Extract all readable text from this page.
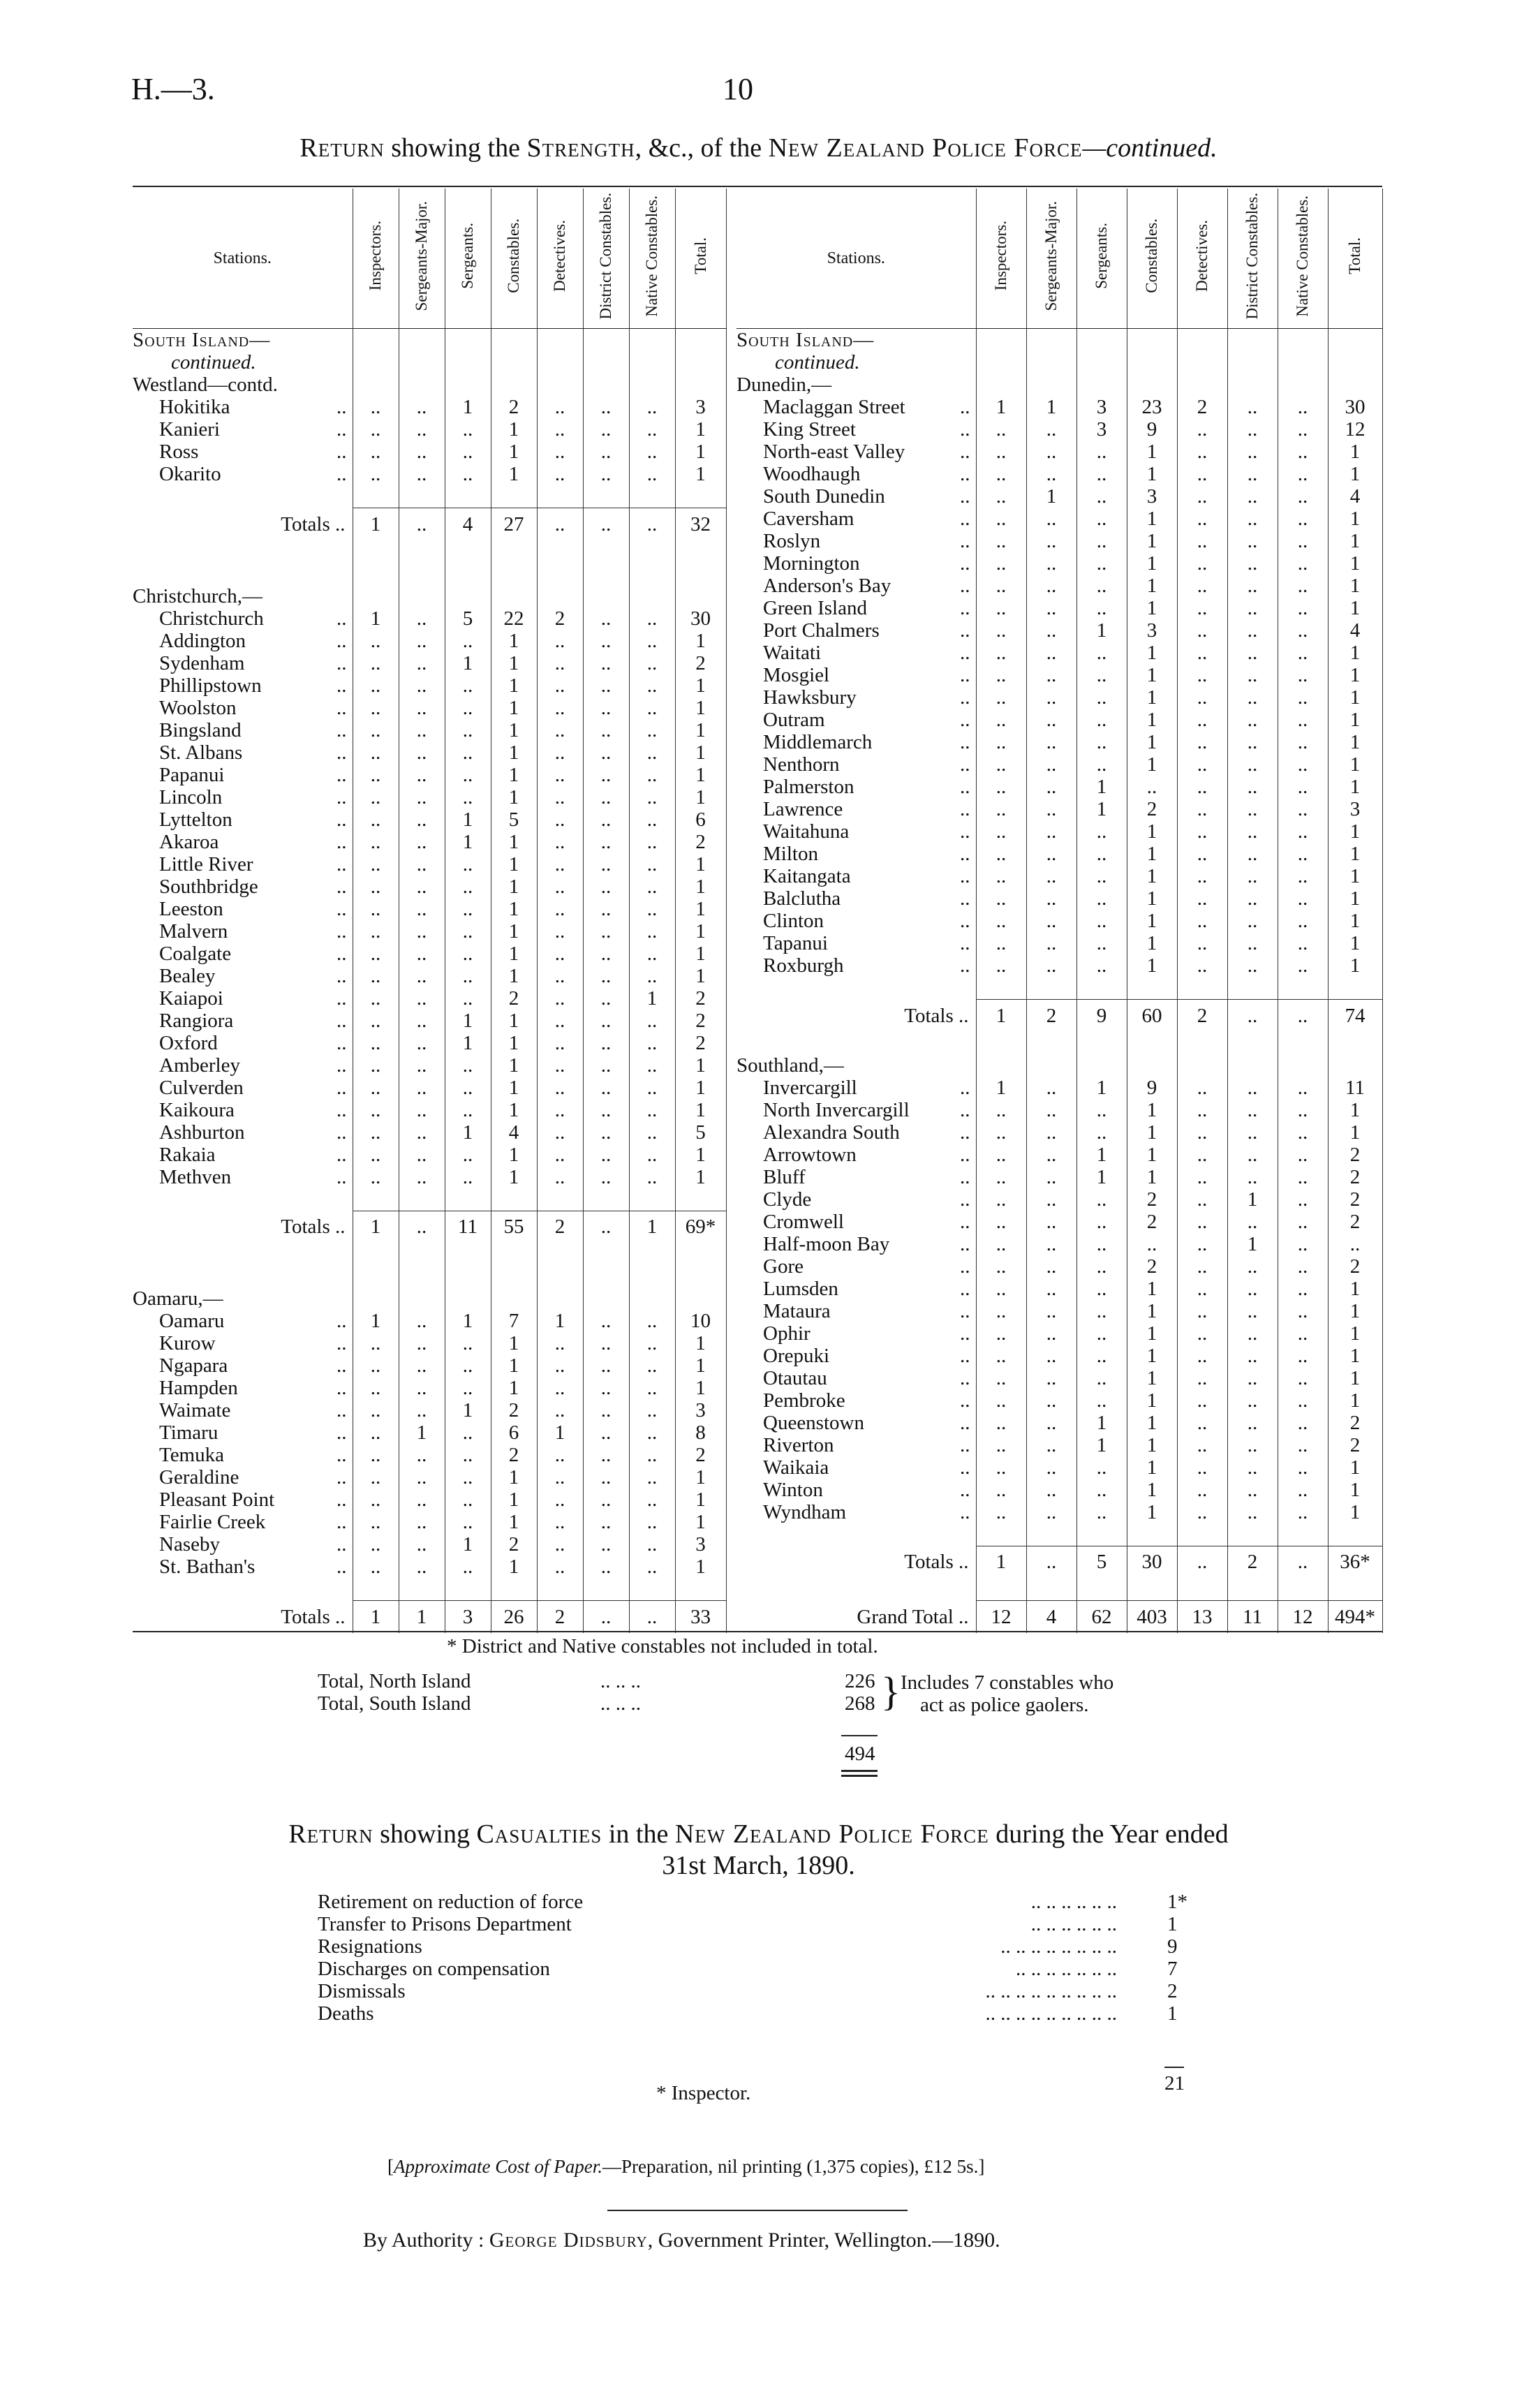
H.—3.	10
Return showing the Strength, &c., of the New Zealand Police Force—continued.
Stations.	Inspectors.	Sergeants-Major.	Sergeants.	Constables.	Detectives.	District Constables.	Native Constables.	Total.
South Island—								
continued.								
Westland—contd.								
Hokitika ..	..	..	1	2	..	..	..	3
Kanieri ..	..	..	..	1	..	..	..	1
Ross ..	..	..	..	1	..	..	..	1
Okarito ..	..	..	..	1	..	..	..	1

Totals ..	1	..	4	27	..	..	..	32

Christchurch,—								
Christchurch ..	1	..	5	22	2	..	..	30
Addington ..	..	..	..	1	..	..	..	1
Sydenham ..	..	..	1	1	..	..	..	2
Phillipstown ..	..	..	..	1	..	..	..	1
Woolston ..	..	..	..	1	..	..	..	1
Bingsland ..	..	..	..	1	..	..	..	1
St. Albans ..	..	..	..	1	..	..	..	1
Papanui ..	..	..	..	1	..	..	..	1
Lincoln ..	..	..	..	1	..	..	..	1
Lyttelton ..	..	..	1	5	..	..	..	6
Akaroa ..	..	..	1	1	..	..	..	2
Little River ..	..	..	..	1	..	..	..	1
Southbridge ..	..	..	..	1	..	..	..	1
Leeston ..	..	..	..	1	..	..	..	1
Malvern ..	..	..	..	1	..	..	..	1
Coalgate ..	..	..	..	1	..	..	..	1
Bealey ..	..	..	..	1	..	..	..	1
Kaiapoi ..	..	..	..	2	..	..	1	2
Rangiora ..	..	..	1	1	..	..	..	2
Oxford ..	..	..	1	1	..	..	..	2
Amberley ..	..	..	..	1	..	..	..	1
Culverden ..	..	..	..	1	..	..	..	1
Kaikoura ..	..	..	..	1	..	..	..	1
Ashburton ..	..	..	1	4	..	..	..	5
Rakaia ..	..	..	..	1	..	..	..	1
Methven ..	..	..	..	1	..	..	..	1

Totals ..	1	..	11	55	2	..	1	69*

Oamaru,—								
Oamaru ..	1	..	1	7	1	..	..	10
Kurow ..	..	..	..	1	..	..	..	1
Ngapara ..	..	..	..	1	..	..	..	1
Hampden ..	..	..	..	1	..	..	..	1
Waimate ..	..	..	1	2	..	..	..	3
Timaru ..	..	1	..	6	1	..	..	8
Temuka ..	..	..	..	2	..	..	..	2
Geraldine ..	..	..	..	1	..	..	..	1
Pleasant Point ..	..	..	..	1	..	..	..	1
Fairlie Creek ..	..	..	..	1	..	..	..	1
Naseby ..	..	..	1	2	..	..	..	3
St. Bathan's ..	..	..	..	1	..	..	..	1

Totals ..	1	1	3	26	2	..	..	33
Stations.	Inspectors.	Sergeants-Major.	Sergeants.	Constables.	Detectives.	District Constables.	Native Constables.	Total.
South Island—								
continued.								
Dunedin,—								
Maclaggan Street ..	1	1	3	23	2	..	..	30
King Street ..	..	..	3	9	..	..	..	12
North-east Valley ..	..	..	..	1	..	..	..	1
Woodhaugh ..	..	..	..	1	..	..	..	1
South Dunedin ..	..	1	..	3	..	..	..	4
Caversham ..	..	..	..	1	..	..	..	1
Roslyn ..	..	..	..	1	..	..	..	1
Mornington ..	..	..	..	1	..	..	..	1
Anderson's Bay ..	..	..	..	1	..	..	..	1
Green Island ..	..	..	..	1	..	..	..	1
Port Chalmers ..	..	..	1	3	..	..	..	4
Waitati ..	..	..	..	1	..	..	..	1
Mosgiel ..	..	..	..	1	..	..	..	1
Hawksbury ..	..	..	..	1	..	..	..	1
Outram ..	..	..	..	1	..	..	..	1
Middlemarch ..	..	..	..	1	..	..	..	1
Nenthorn ..	..	..	..	1	..	..	..	1
Palmerston ..	..	..	1	..	..	..	..	1
Lawrence ..	..	..	1	2	..	..	..	3
Waitahuna ..	..	..	..	1	..	..	..	1
Milton ..	..	..	..	1	..	..	..	1
Kaitangata ..	..	..	..	1	..	..	..	1
Balclutha ..	..	..	..	1	..	..	..	1
Clinton ..	..	..	..	1	..	..	..	1
Tapanui ..	..	..	..	1	..	..	..	1
Roxburgh ..	..	..	..	1	..	..	..	1

Totals ..	1	2	9	60	2	..	..	74

Southland,—								
Invercargill ..	1	..	1	9	..	..	..	11
North Invercargill ..	..	..	..	1	..	..	..	1
Alexandra South ..	..	..	..	1	..	..	..	1
Arrowtown ..	..	..	1	1	..	..	..	2
Bluff ..	..	..	1	1	..	..	..	2
Clyde ..	..	..	..	2	..	1	..	2
Cromwell ..	..	..	..	2	..	..	..	2
Half-moon Bay ..	..	..	..	..	..	1	..	..
Gore ..	..	..	..	2	..	..	..	2
Lumsden ..	..	..	..	1	..	..	..	1
Mataura ..	..	..	..	1	..	..	..	1
Ophir ..	..	..	..	1	..	..	..	1
Orepuki ..	..	..	..	1	..	..	..	1
Otautau ..	..	..	..	1	..	..	..	1
Pembroke ..	..	..	..	1	..	..	..	1
Queenstown ..	..	..	1	1	..	..	..	2
Riverton ..	..	..	1	1	..	..	..	2
Waikaia ..	..	..	..	1	..	..	..	1
Winton ..	..	..	..	1	..	..	..	1
Wyndham ..	..	..	..	1	..	..	..	1

Totals ..	1	..	5	30	..	2	..	36*

Grand Total ..	12	4	62	403	13	11	12	494*
* District and Native constables not included in total.
Total, North Island	.. .. ..	226
Total, South Island	.. .. ..	268 } Includes 7 constables who
act as police gaolers.
494
Return showing Casualties in the New Zealand Police Force during the Year ended
31st March, 1890.
Retirement on reduction of force	.. .. .. .. .. .. 1*
Transfer to Prisons Department	.. .. .. .. .. .. 1
Resignations	.. .. .. .. .. .. .. .. 9
Discharges on compensation	.. .. .. .. .. .. .. 7
Dismissals	.. .. .. .. .. .. .. .. .. 2
Deaths	.. .. .. .. .. .. .. .. .. 1
21
* Inspector.
[Approximate Cost of Paper.—Preparation, nil printing (1,375 copies), £12 5s.]
By Authority : George Didsbury, Government Printer, Wellington.—1890.
